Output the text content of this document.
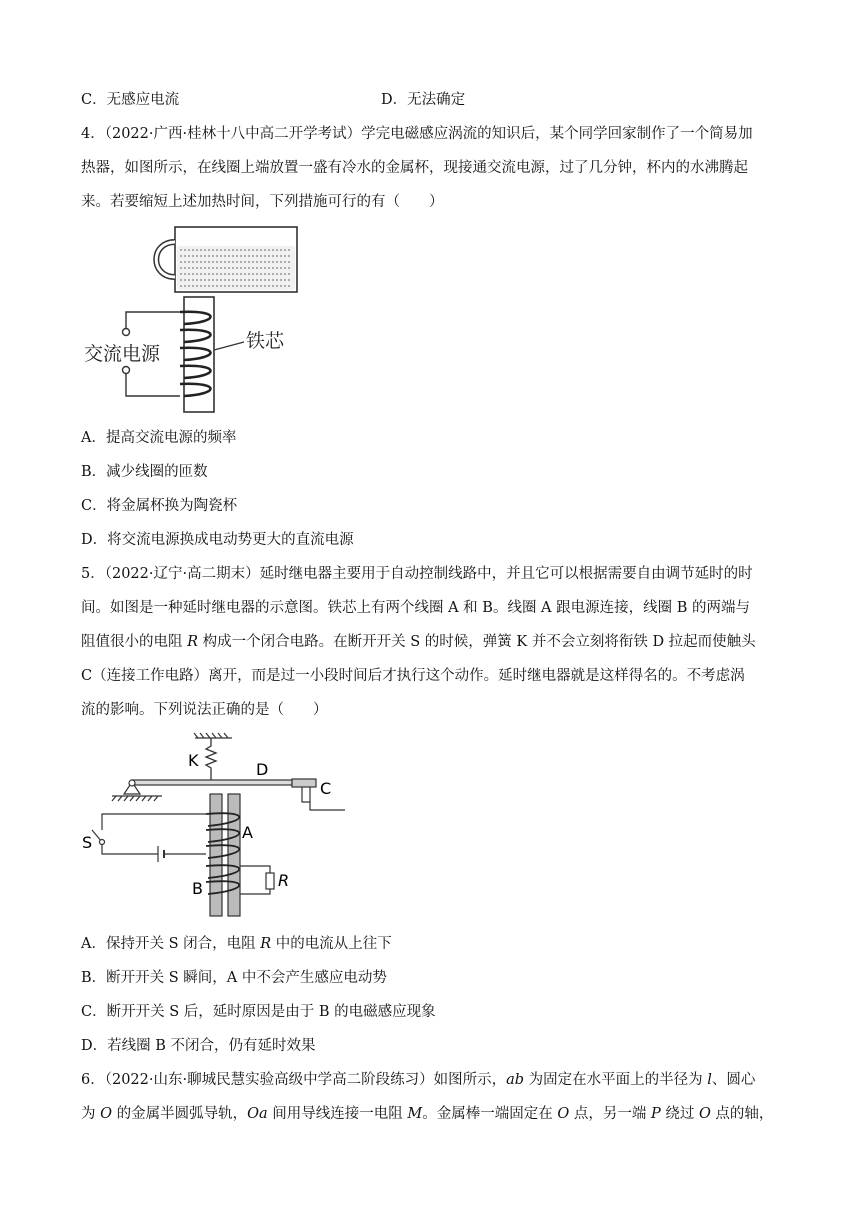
C．无感应电流	D．无法确定
4．（2022·广西·桂林十八中高二开学考试）学完电磁感应涡流的知识后，某个同学回家制作了一个简易加
热器，如图所示，在线圈上端放置一盛有冷水的金属杯，现接通交流电源，过了几分钟，杯内的水沸腾起
来。若要缩短上述加热时间，下列措施可行的有（　　）
交流电源
铁芯
A．提高交流电源的频率
B．减少线圈的匝数
C．将金属杯换为陶瓷杯
D．将交流电源换成电动势更大的直流电源
5．（2022·辽宁·高二期末）延时继电器主要用于自动控制线路中，并且它可以根据需要自由调节延时的时
间。如图是一种延时继电器的示意图。铁芯上有两个线圈 A 和 B。线圈 A 跟电源连接，线圈 B 的两端与
阻值很小的电阻 R 构成一个闭合电路。在断开开关 S 的时候，弹簧 K 并不会立刻将衔铁 D 拉起而使触头
C（连接工作电路）离开，而是过一小段时间后才执行这个动作。延时继电器就是这样得名的。不考虑涡
流的影响。下列说法正确的是（　　）
K	D
C
A
B
S
R
A．保持开关 S 闭合，电阻 R 中的电流从上往下
B．断开开关 S 瞬间，A 中不会产生感应电动势
C．断开开关 S 后，延时原因是由于 B 的电磁感应现象
D．若线圈 B 不闭合，仍有延时效果
6．（2022·山东·聊城民慧实验高级中学高二阶段练习）如图所示，ab 为固定在水平面上的半径为 l、圆心
为 O 的金属半圆弧导轨，Oa 间用导线连接一电阻 M。金属棒一端固定在 O 点，另一端 P 绕过 O 点的轴，
